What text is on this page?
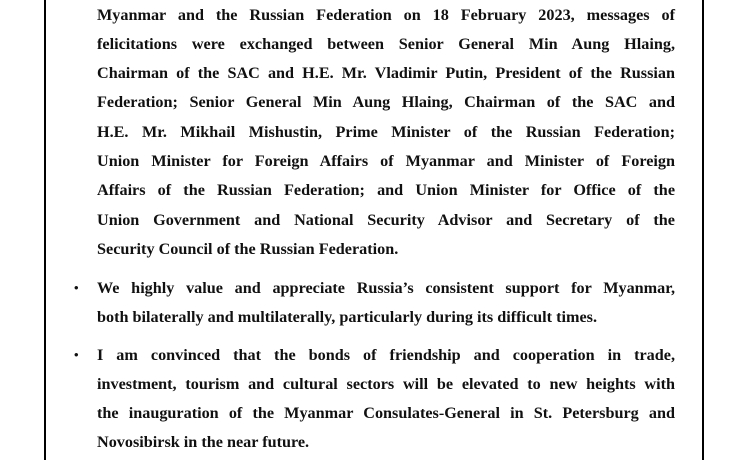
Myanmar and the Russian Federation on 18 February 2023, messages of
felicitations were exchanged between Senior General Min Aung Hlaing,
Chairman of the SAC and H.E. Mr. Vladimir Putin, President of the Russian
Federation; Senior General Min Aung Hlaing, Chairman of the SAC and
H.E. Mr. Mikhail Mishustin, Prime Minister of the Russian Federation;
Union Minister for Foreign Affairs of Myanmar and Minister of Foreign
Affairs of the Russian Federation; and Union Minister for Office of the
Union Government and National Security Advisor and Secretary of the
Security Council of the Russian Federation.
• We highly value and appreciate Russia’s consistent support for Myanmar,
both bilaterally and multilaterally, particularly during its difficult times.
• I am convinced that the bonds of friendship and cooperation in trade,
investment, tourism and cultural sectors will be elevated to new heights with
the inauguration of the Myanmar Consulates-General in St. Petersburg and
Novosibirsk in the near future.
